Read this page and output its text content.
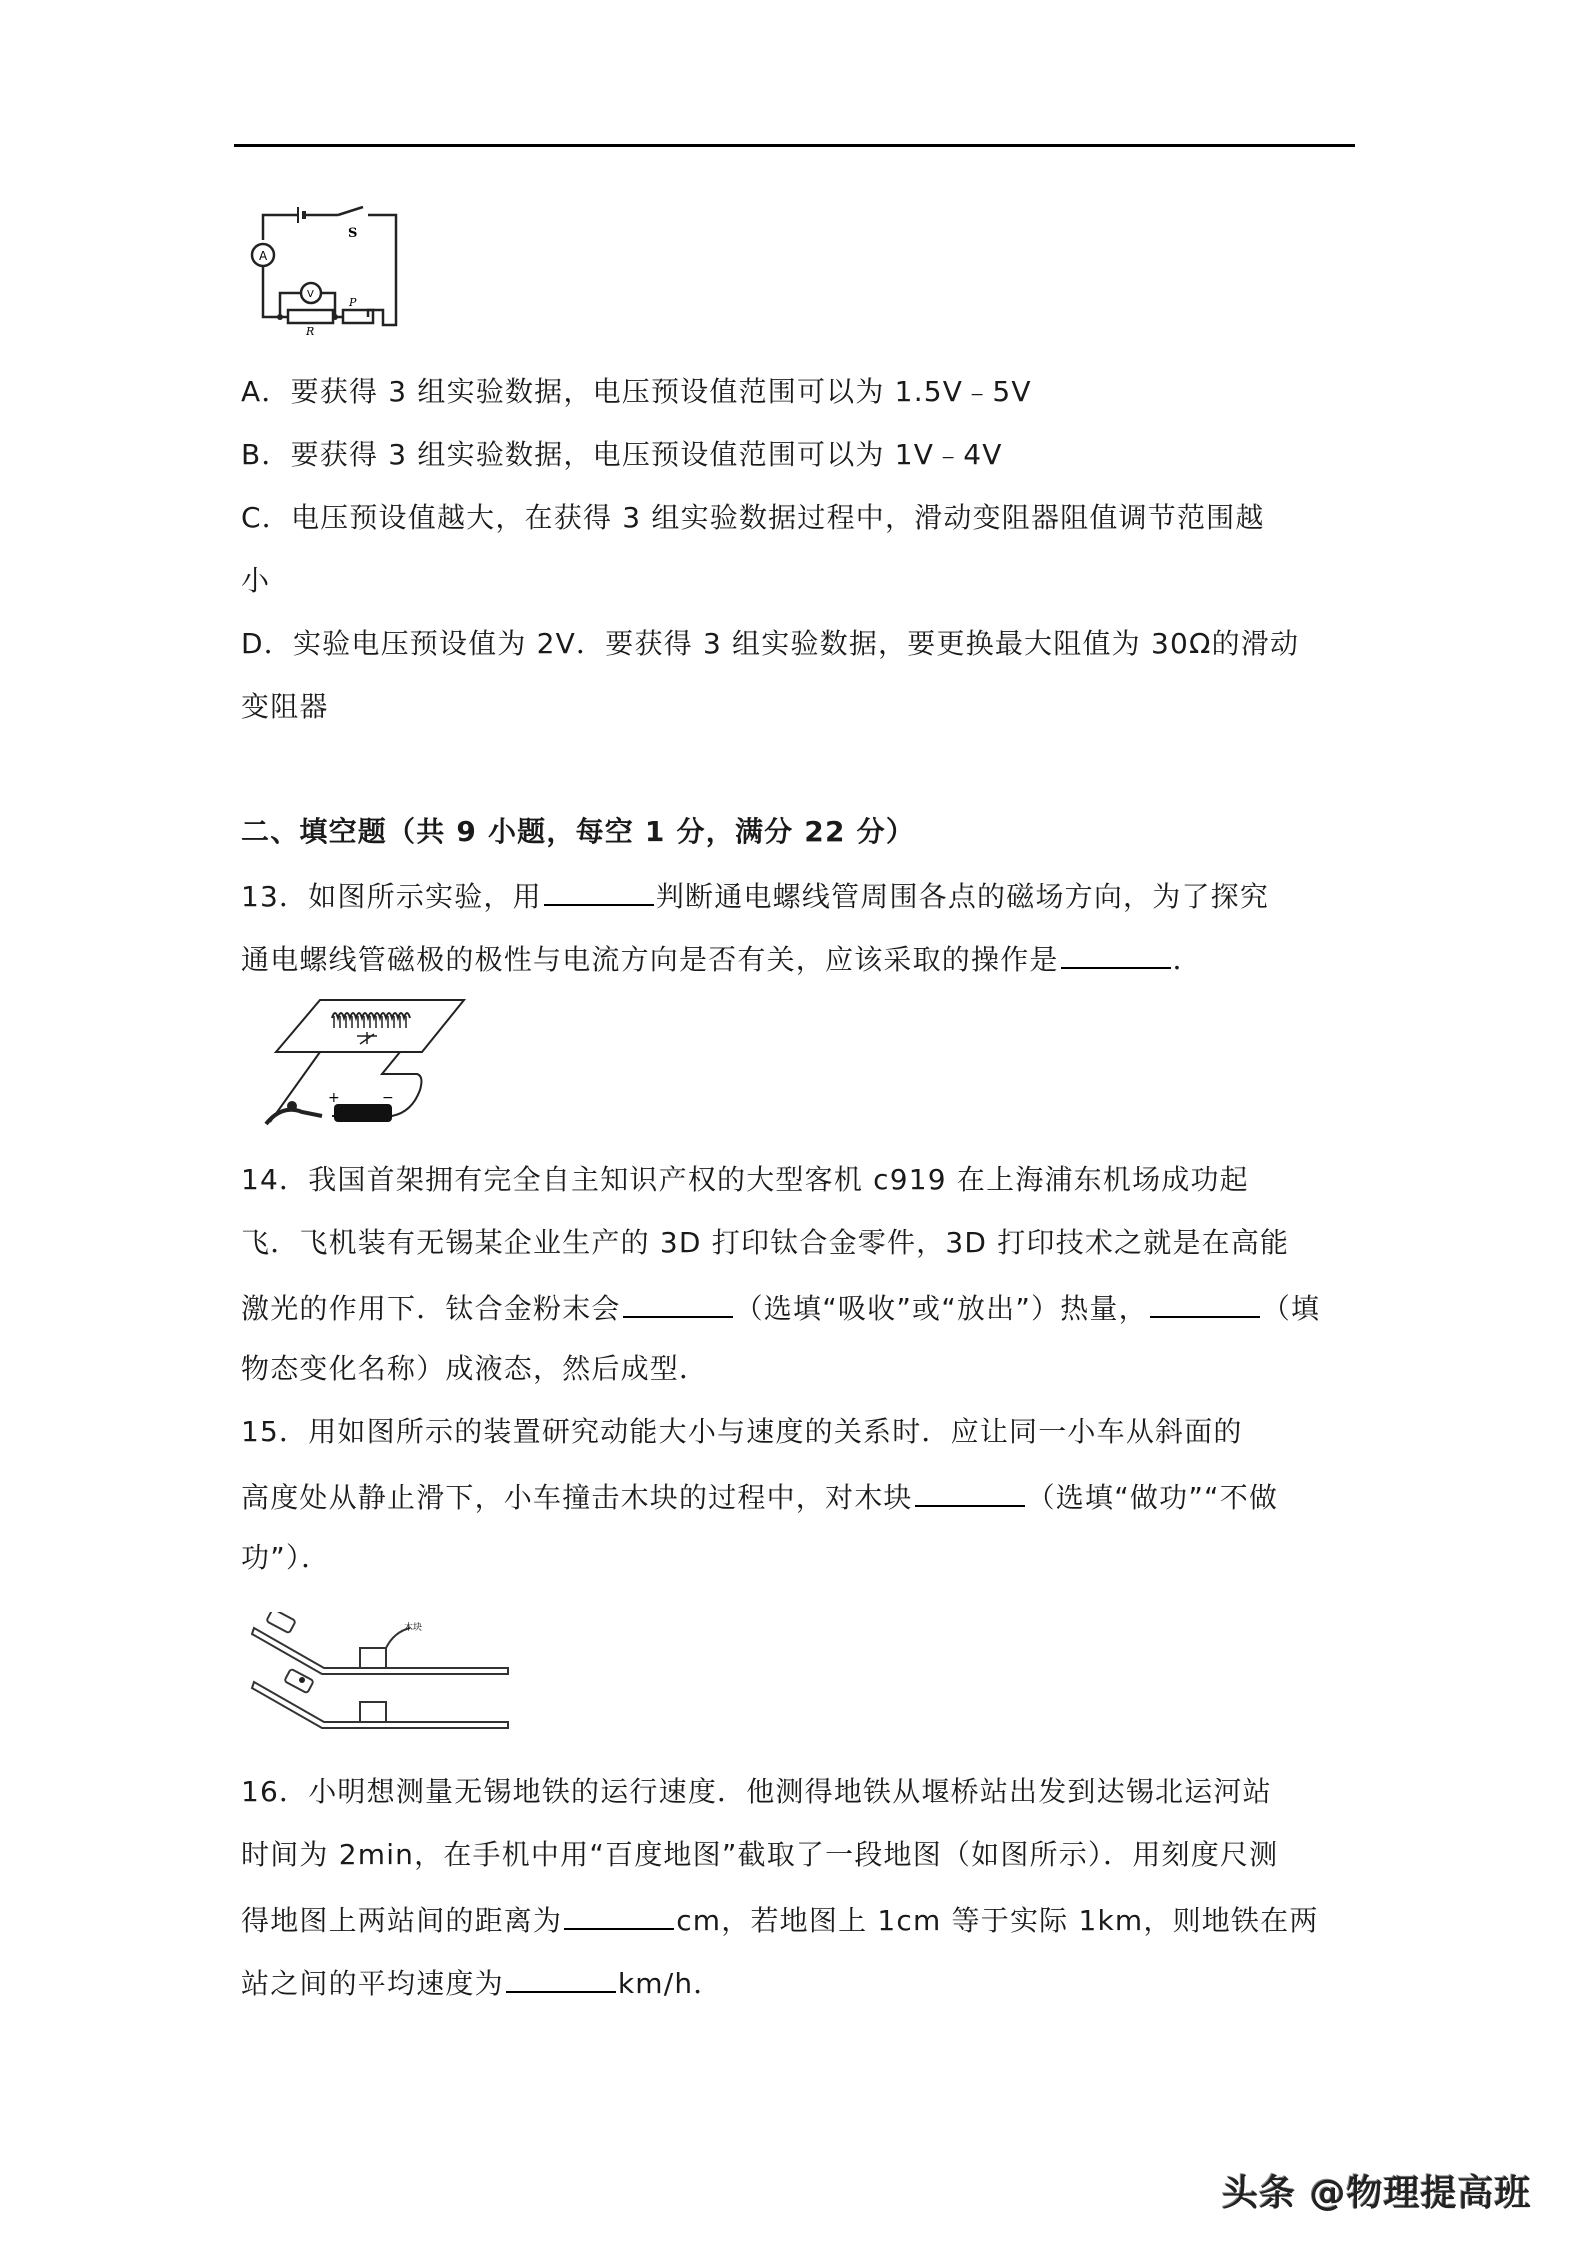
A
V
S
R
P
A．要获得 3 组实验数据，电压预设值范围可以为 1.5V﹣5V
B．要获得 3 组实验数据，电压预设值范围可以为 1V﹣4V
C．电压预设值越大，在获得 3 组实验数据过程中，滑动变阻器阻值调节范围越
小
D．实验电压预设值为 2V．要获得 3 组实验数据，要更换最大阻值为 30Ω的滑动
变阻器
二、填空题（共 9 小题，每空 1 分，满分 22 分）
13．如图所示实验，用	判断通电螺线管周围各点的磁场方向，为了探究
通电螺线管磁极的极性与电流方向是否有关，应该采取的操作是	．
+	−
14．我国首架拥有完全自主知识产权的大型客机 c919 在上海浦东机场成功起
飞．飞机装有无锡某企业生产的 3D 打印钛合金零件，3D 打印技术之就是在高能
激光的作用下．钛合金粉末会	（选填“吸收”或“放出”）热量，	（填
物态变化名称）成液态，然后成型．
15．用如图所示的装置研究动能大小与速度的关系时．应让同一小车从斜面的
高度处从静止滑下，小车撞击木块的过程中，对木块	（选填“做功”“不做
功”）．
木块
16．小明想测量无锡地铁的运行速度．他测得地铁从堰桥站出发到达锡北运河站
时间为 2min，在手机中用“百度地图”截取了一段地图（如图所示）．用刻度尺测
得地图上两站间的距离为	cm，若地图上 1cm 等于实际 1km，则地铁在两
站之间的平均速度为	km/h．
头条 @物理提高班
